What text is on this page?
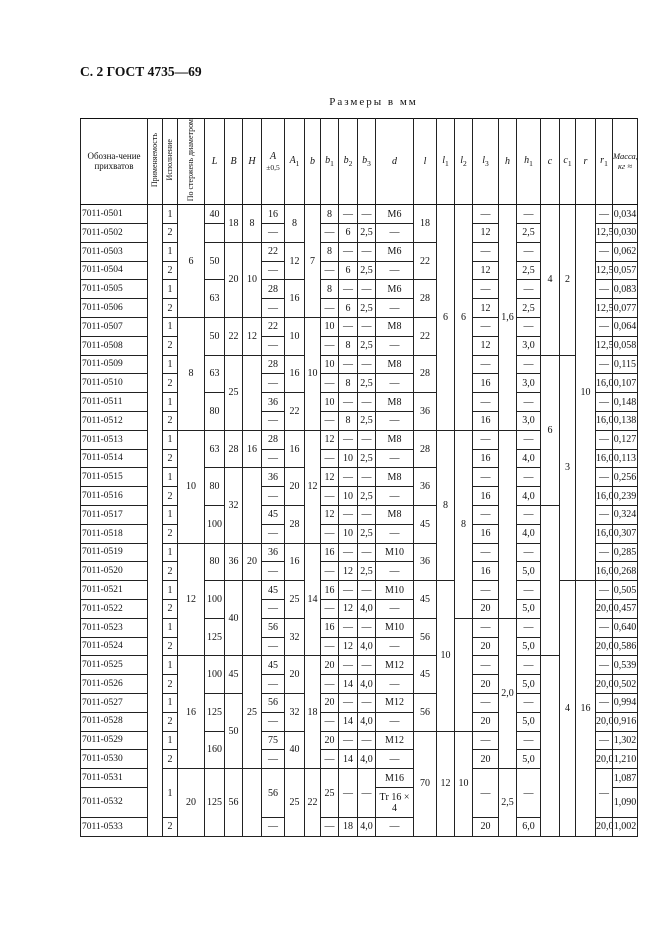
С. 2 ГОСТ 4735—69
Размеры в мм
Обозна-чение прихватов	Применяемость	Исполнение	По стержень диаметром	L	B	H	A
±0,5	$A_1$	b	$b_1$	$b_2$	$b_3$	d	l	$l_1$	$l_2$	$l_3$	h	$h_1$	c	$c_1$	r	$r_1$	Масса, кг ≈
7011-0501		1	6	40	18	8	16	8	7	8	—	—	M6	18	6	6	—	1,6	—	4	2	10	—	0,034
7011-0502		2					—			—	6	2,5	—				12		2,5				12,5	0,030
7011-0503		1		50	20	10	22	12		8	—	—	M6	22			—		—				—	0,062
7011-0504		2					—			—	6	2,5	—				12		2,5				12,5	0,057
7011-0505		1		63			28	16		8	—	—	M6	28			—		—				—	0,083
7011-0506		2					—			—	6	2,5	—				12		2,5				12,5	0,077
7011-0507		1	8	50	22	12	22	10	10	10	—	—	M8	22			—		—				—	0,064
7011-0508		2					—			—	8	2,5	—				12		3,0				12,5	0,058
7011-0509		1		63	25		28	16		10	—	—	M8	28			—		—	6	3		—	0,115
7011-0510		2					—			—	8	2,5	—				16		3,0				16,0	0,107
7011-0511		1		80			36	22		10	—	—	M8	36			—		—				—	0,148
7011-0512		2					—			—	8	2,5	—				16		3,0				16,0	0,138
7011-0513		1	10	63	28	16	28	16	12	12	—	—	M8	28	8	8	—		—				—	0,127
7011-0514		2					—			—	10	2,5	—				16		4,0				16,0	0,113
7011-0515		1		80	32		36	20		12	—	—	M8	36			—		—				—	0,256
7011-0516		2					—			—	10	2,5	—				16		4,0				16,0	0,239
7011-0517		1		100			45	28		12	—	—	M8	45			—		—				—	0,324
7011-0518		2					—			—	10	2,5	—				16		4,0				16,0	0,307
7011-0519		1	12	80	36	20	36	16	14	16	—	—	M10	36			—		—				—	0,285
7011-0520		2					—			—	12	2,5	—				16		5,0				16,0	0,268
7011-0521		1		100	40		45	25		16	—	—	M10	45	10		—		—		4	16	—	0,505
7011-0522		2					—			—	12	4,0	—				20		5,0				20,0	0,457
7011-0523		1		125			56	32		16	—	—	M10	56			—	2,0	—				—	0,640
7011-0524		2					—			—	12	4,0	—				20		5,0				20,0	0,586
7011-0525		1	16	100	45	25	45	20	18	20	—	—	M12	45			—		—				—	0,539
7011-0526		2					—			—	14	4,0	—				20		5,0				20,0	0,502
7011-0527		1		125	50		56	32		20	—	—	M12	56			—		—				—	0,994
7011-0528		2					—			—	14	4,0	—				20		5,0				20,0	0,916
7011-0529		1		160			75	40		20	—	—	M12	70	12	10	—		—				—	1,302
7011-0530		2					—			—	14	4,0	—				20		5,0				20,0	1,210
7011-0531		1	20	125	56		56	25	22	25	—	—	M16				—	2,5	—				—	1,087
7011-0532													Тr 16 × 4											1,090
7011-0533		2					—			—	18	4,0	—				20		6,0				20,0	1,002
